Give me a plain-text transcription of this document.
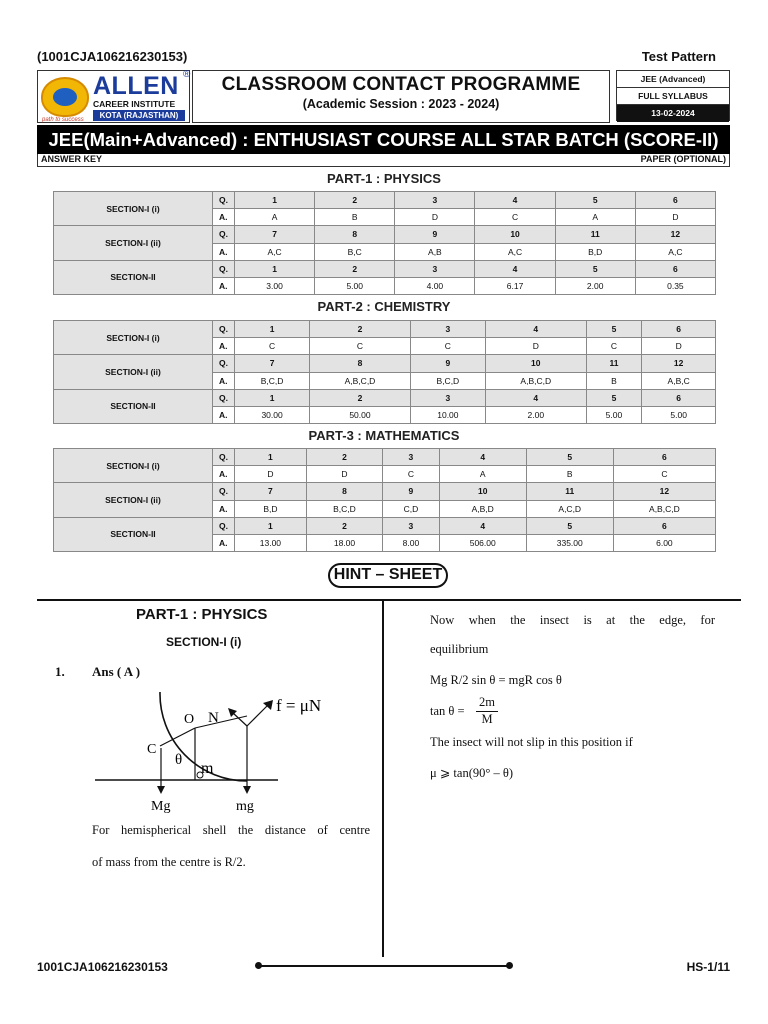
(1001CJA106216230153)	Test Pattern
ALLEN ®
CAREER INSTITUTE
KOTA (RAJASTHAN)
path to success
CLASSROOM CONTACT PROGRAMME
(Academic Session : 2023 - 2024)
JEE (Advanced)
FULL SYLLABUS
13-02-2024
JEE(Main+Advanced) : ENTHUSIAST COURSE ALL STAR BATCH (SCORE-II)
ANSWER KEY	PAPER (OPTIONAL)
PART-1 : PHYSICS
SECTION-I (i)	Q.	1	2	3	4	5	6
	A.	A	B	D	C	A	D
SECTION-I (ii)	Q.	7	8	9	10	11	12
	A.	A,C	B,C	A,B	A,C	B,D	A,C
SECTION-II	Q.	1	2	3	4	5	6
	A.	3.00	5.00	4.00	6.17	2.00	0.35
PART-2 : CHEMISTRY
SECTION-I (i)	Q.	1	2	3	4	5	6
	A.	C	C	C	D	C	D
SECTION-I (ii)	Q.	7	8	9	10	11	12
	A.	B,C,D	A,B,C,D	B,C,D	A,B,C,D	B	A,B,C
SECTION-II	Q.	1	2	3	4	5	6
	A.	30.00	50.00	10.00	2.00	5.00	5.00
PART-3 : MATHEMATICS
SECTION-I (i)	Q.	1	2	3	4	5	6
	A.	D	D	C	A	B	C
SECTION-I (ii)	Q.	7	8	9	10	11	12
	A.	B,D	B,C,D	C,D	A,B,D	A,C,D	A,B,C,D
SECTION-II	Q.	1	2	3	4	5	6
	A.	13.00	18.00	8.00	506.00	335.00	6.00
HINT – SHEET
PART-1 : PHYSICS
SECTION-I (i)
1. Ans ( A )
O N
f = μN
C
θ m
Mg	mg
For hemispherical shell the distance of centre
of mass from the centre is R/2.
Now when the insect is at the edge, for
equilibrium
Mg R/2 sin θ = mgR cos θ
$\tan \theta = \frac{2m}{M}$
The insect will not slip in this position if
μ ⩾ tan(90° – θ)
1001CJA106216230153	HS-1/11
